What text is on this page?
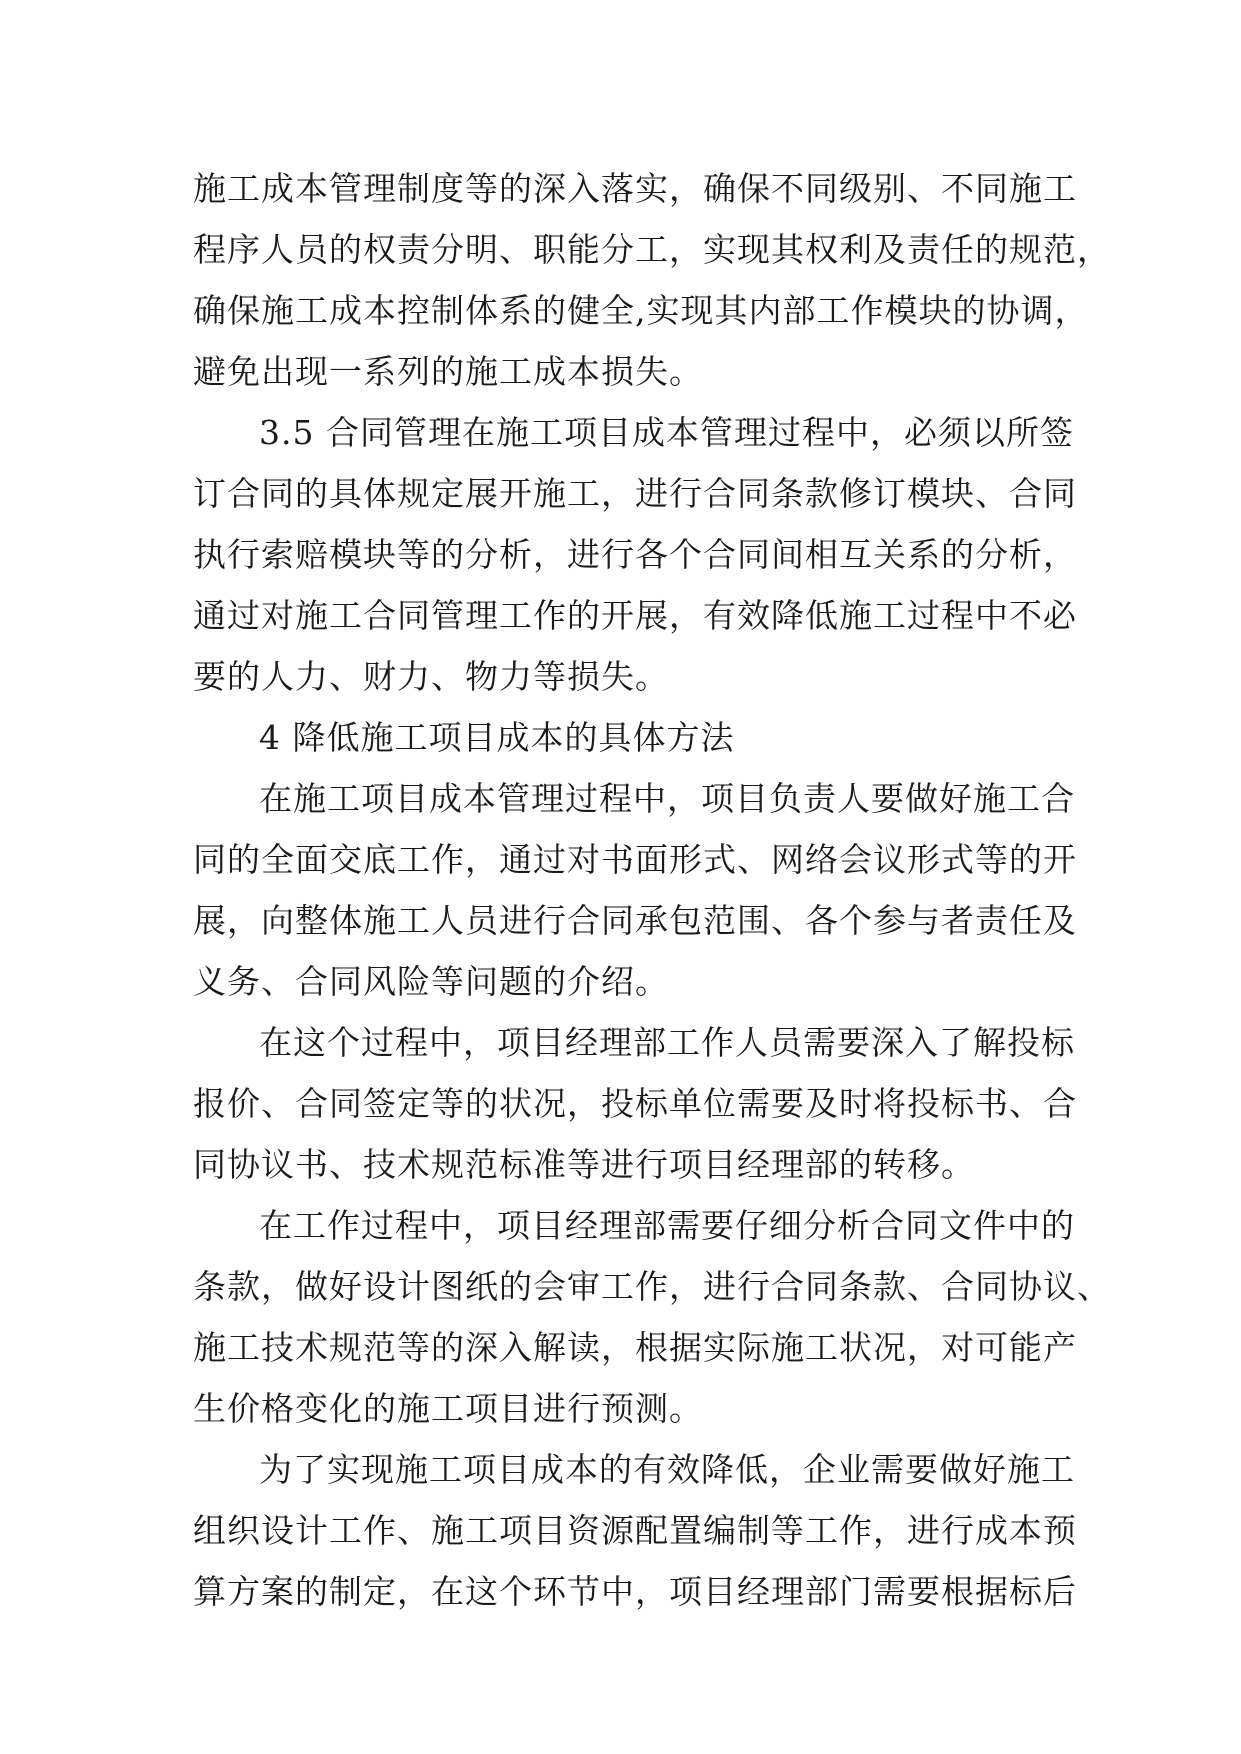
施工成本管理制度等的深入落实，确保不同级别、不同施工
程序人员的权责分明、职能分工，实现其权利及责任的规范，
确保施工成本控制体系的健全,实现其内部工作模块的协调，
避免出现一系列的施工成本损失。
3.5 合同管理在施工项目成本管理过程中，必须以所签
订合同的具体规定展开施工，进行合同条款修订模块、合同
执行索赔模块等的分析，进行各个合同间相互关系的分析，
通过对施工合同管理工作的开展，有效降低施工过程中不必
要的人力、财力、物力等损失。
4 降低施工项目成本的具体方法
在施工项目成本管理过程中，项目负责人要做好施工合
同的全面交底工作，通过对书面形式、网络会议形式等的开
展，向整体施工人员进行合同承包范围、各个参与者责任及
义务、合同风险等问题的介绍。
在这个过程中，项目经理部工作人员需要深入了解投标
报价、合同签定等的状况，投标单位需要及时将投标书、合
同协议书、技术规范标准等进行项目经理部的转移。
在工作过程中，项目经理部需要仔细分析合同文件中的
条款，做好设计图纸的会审工作，进行合同条款、合同协议、
施工技术规范等的深入解读，根据实际施工状况，对可能产
生价格变化的施工项目进行预测。
为了实现施工项目成本的有效降低，企业需要做好施工
组织设计工作、施工项目资源配置编制等工作，进行成本预
算方案的制定，在这个环节中，项目经理部门需要根据标后
